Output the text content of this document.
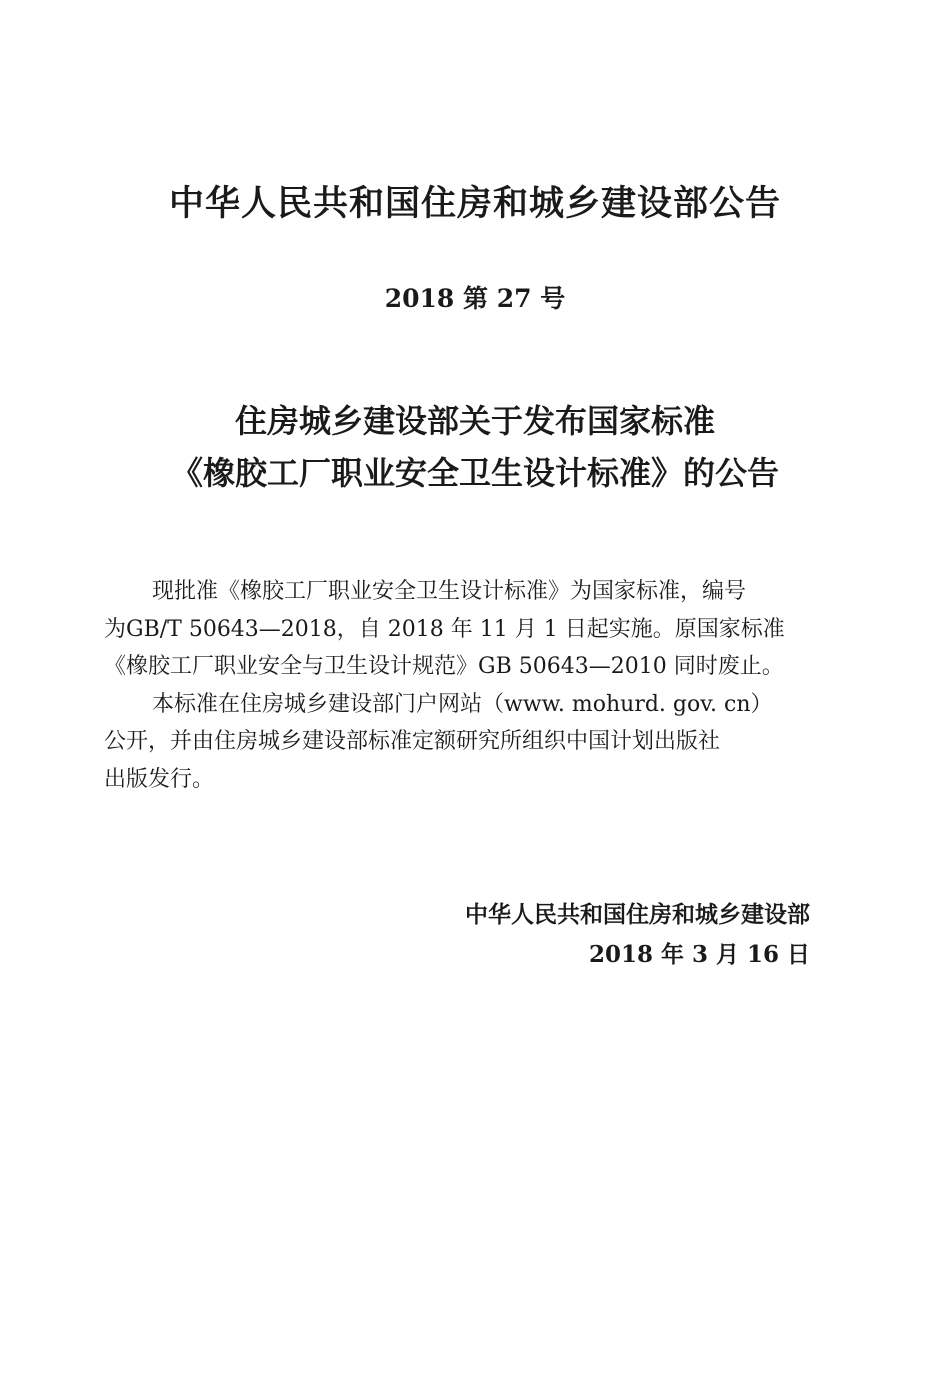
中华人民共和国住房和城乡建设部公告
2018 第 27 号
住房城乡建设部关于发布国家标准
《橡胶工厂职业安全卫生设计标准》的公告

现批准《橡胶工厂职业安全卫生设计标准》为国家标准，编号
为GB/T 50643—2018，自 2018 年 11 月 1 日起实施。原国家标准
《橡胶工厂职业安全与卫生设计规范》GB 50643—2010 同时废止。

本标准在住房城乡建设部门户网站（www. mohurd. gov. cn）
公开，并由住房城乡建设部标准定额研究所组织中国计划出版社
出版发行。

中华人民共和国住房和城乡建设部
2018 年 3 月 16 日
